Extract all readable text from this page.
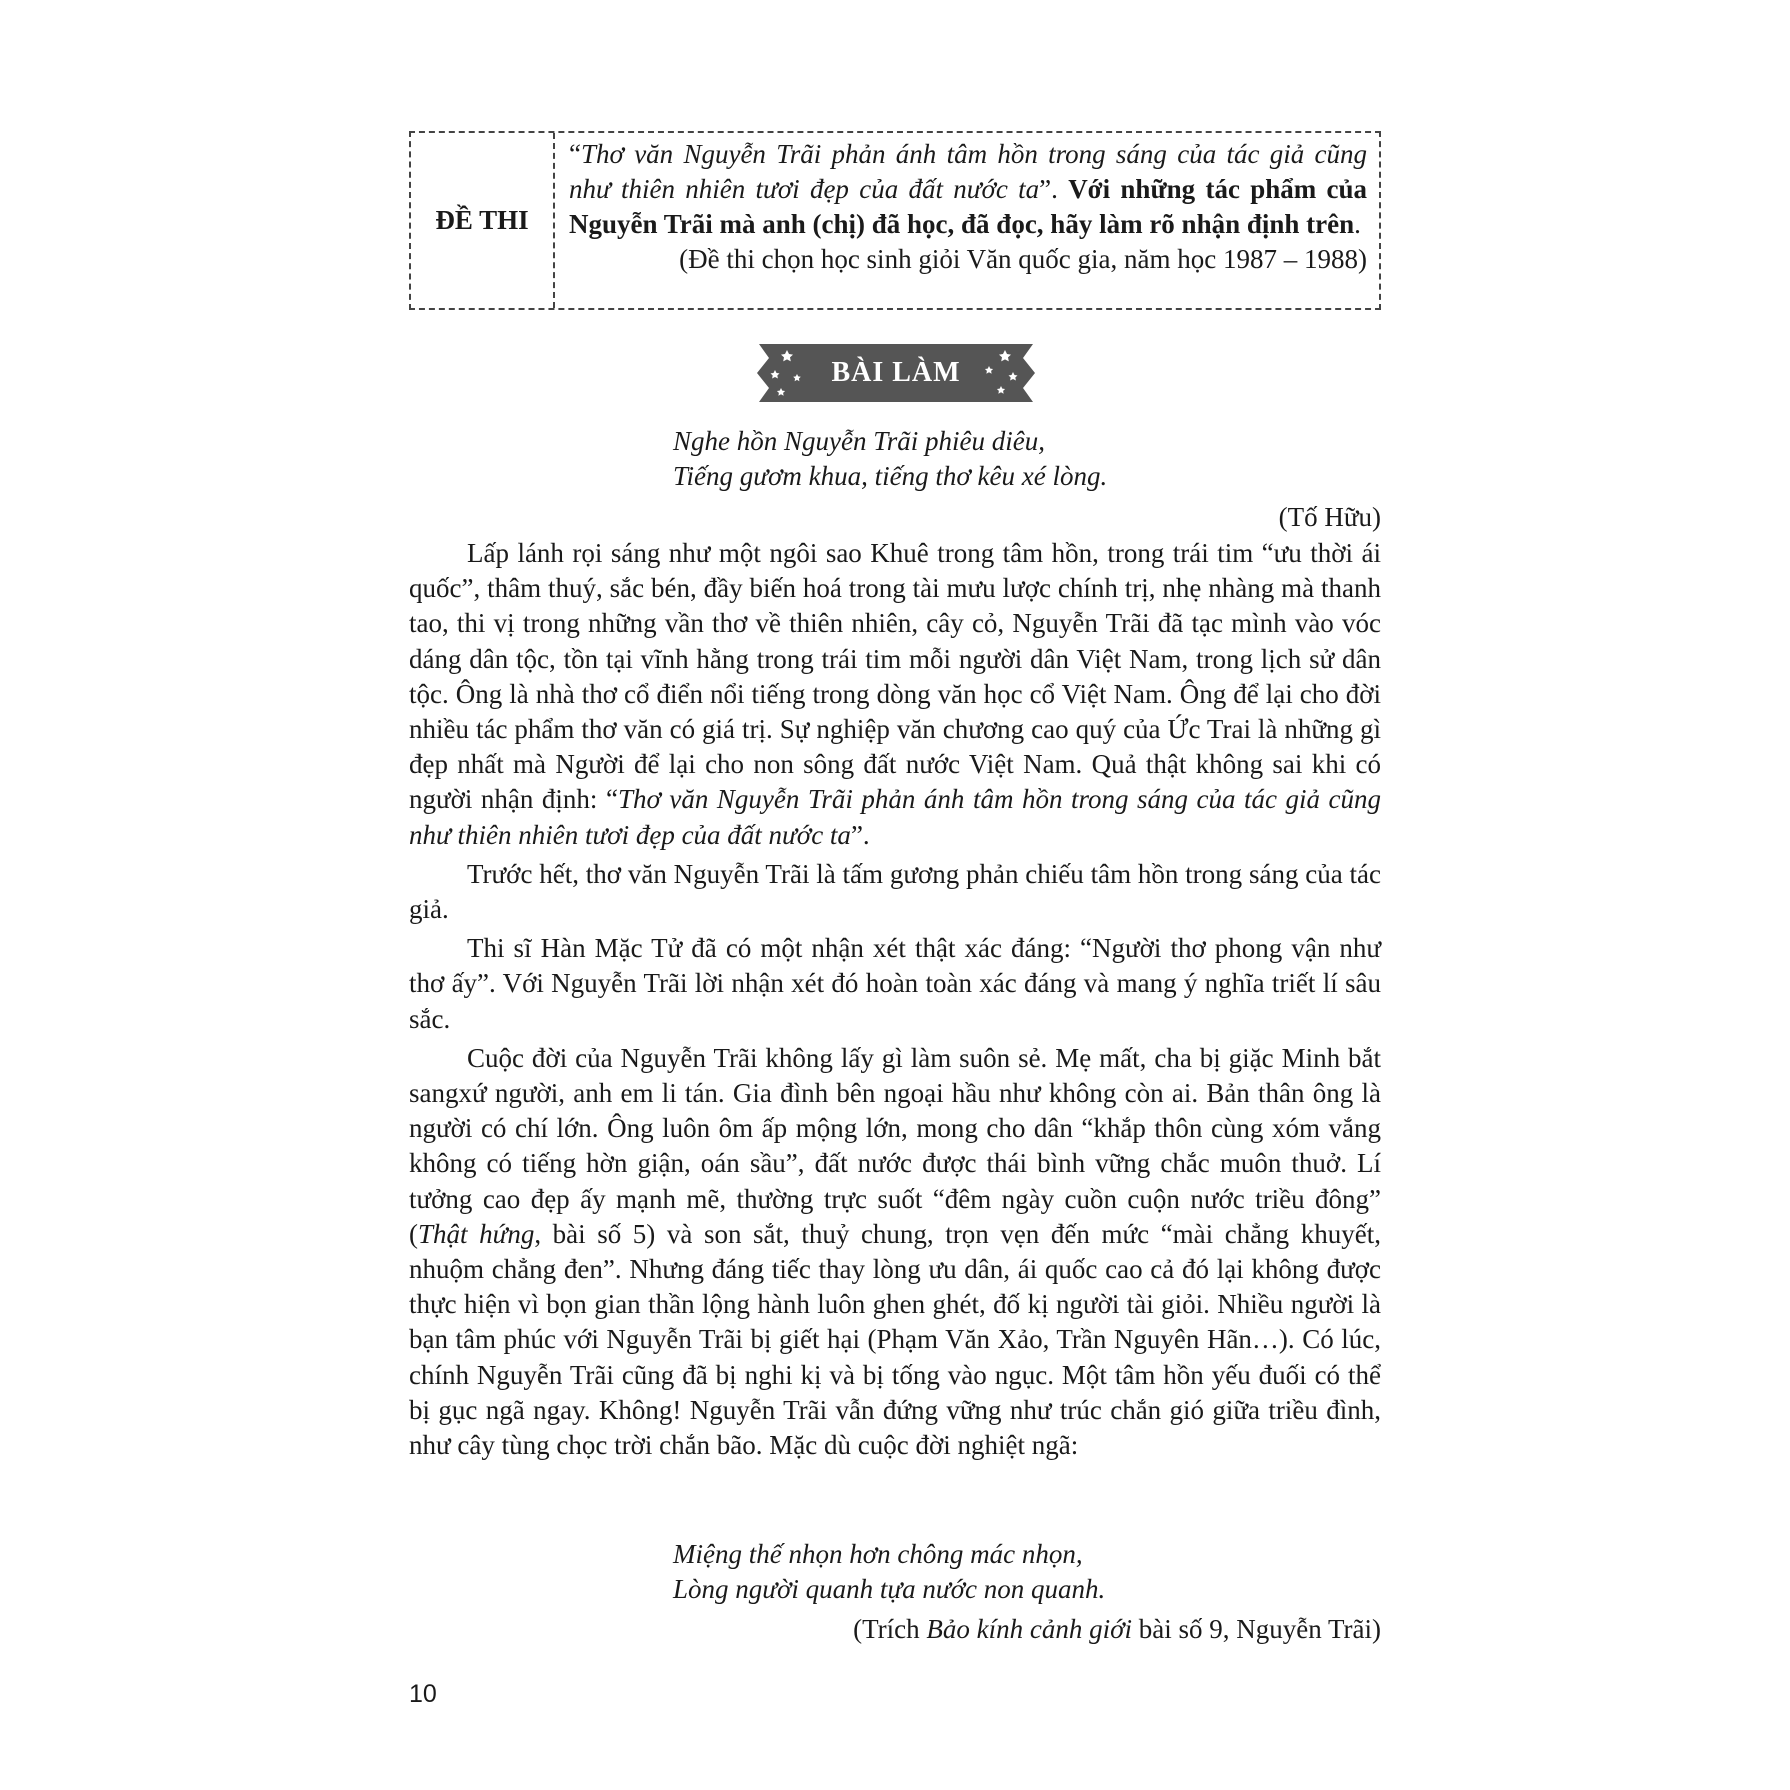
ĐỀ THI
“Thơ văn Nguyễn Trãi phản ánh tâm hồn trong sáng của tác giả cũng như thiên nhiên tươi đẹp của đất nước ta”. Với những tác phẩm của Nguyễn Trãi mà anh (chị) đã học, đã đọc, hãy làm rõ nhận định trên.
(Đề thi chọn học sinh giỏi Văn quốc gia, năm học 1987 – 1988)
BÀI LÀM
Nghe hồn Nguyễn Trãi phiêu diêu,
Tiếng gươm khua, tiếng thơ kêu xé lòng.
(Tố Hữu)

Lấp lánh rọi sáng như một ngôi sao Khuê trong tâm hồn, trong trái tim “ưu thời ái quốc”, thâm thuý, sắc bén, đầy biến hoá trong tài mưu lược chính trị, nhẹ nhàng mà thanh tao, thi vị trong những vần thơ về thiên nhiên, cây cỏ, Nguyễn Trãi đã tạc mình vào vóc dáng dân tộc, tồn tại vĩnh hằng trong trái tim mỗi người dân Việt Nam, trong lịch sử dân tộc. Ông là nhà thơ cổ điển nổi tiếng trong dòng văn học cổ Việt Nam. Ông để lại cho đời nhiều tác phẩm thơ văn có giá trị. Sự nghiệp văn chương cao quý của Ức Trai là những gì đẹp nhất mà Người để lại cho non sông đất nước Việt Nam. Quả thật không sai khi có người nhận định: “Thơ văn Nguyễn Trãi phản ánh tâm hồn trong sáng của tác giả cũng như thiên nhiên tươi đẹp của đất nước ta”.

Trước hết, thơ văn Nguyễn Trãi là tấm gương phản chiếu tâm hồn trong sáng của tác giả.

Thi sĩ Hàn Mặc Tử đã có một nhận xét thật xác đáng: “Người thơ phong vận như thơ ấy”. Với Nguyễn Trãi lời nhận xét đó hoàn toàn xác đáng và mang ý nghĩa triết lí sâu sắc.

Cuộc đời của Nguyễn Trãi không lấy gì làm suôn sẻ. Mẹ mất, cha bị giặc Minh bắt sangxứ người, anh em li tán. Gia đình bên ngoại hầu như không còn ai. Bản thân ông là người có chí lớn. Ông luôn ôm ấp mộng lớn, mong cho dân “khắp thôn cùng xóm vắng không có tiếng hờn giận, oán sầu”, đất nước được thái bình vững chắc muôn thuở. Lí tưởng cao đẹp ấy mạnh mẽ, thường trực suốt “đêm ngày cuồn cuộn nước triều đông” (Thật hứng, bài số 5) và son sắt, thuỷ chung, trọn vẹn đến mức “mài chẳng khuyết, nhuộm chẳng đen”. Nhưng đáng tiếc thay lòng ưu dân, ái quốc cao cả đó lại không được thực hiện vì bọn gian thần lộng hành luôn ghen ghét, đố kị người tài giỏi. Nhiều người là bạn tâm phúc với Nguyễn Trãi bị giết hại (Phạm Văn Xảo, Trần Nguyên Hãn…). Có lúc, chính Nguyễn Trãi cũng đã bị nghi kị và bị tống vào ngục. Một tâm hồn yếu đuối có thể bị gục ngã ngay. Không! Nguyễn Trãi vẫn đứng vững như trúc chắn gió giữa triều đình, như cây tùng chọc trời chắn bão. Mặc dù cuộc đời nghiệt ngã:

Miệng thế nhọn hơn chông mác nhọn,
Lòng người quanh tựa nước non quanh.
(Trích Bảo kính cảnh giới bài số 9, Nguyễn Trãi)
10
